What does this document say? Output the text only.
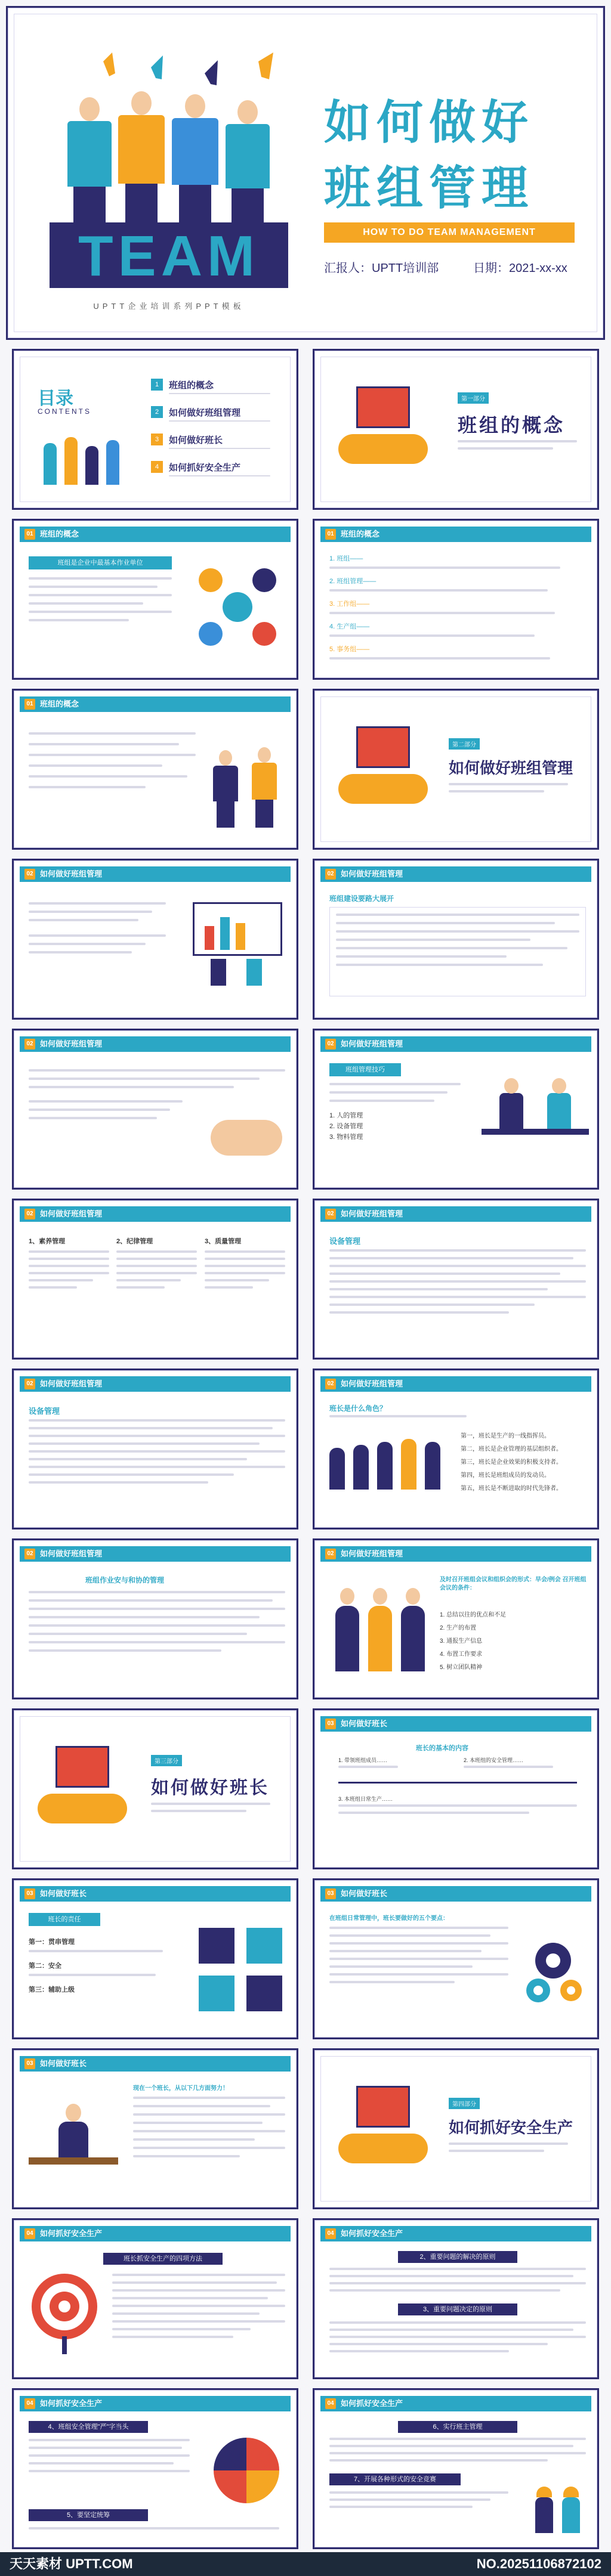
TEAM
UPTT企业培训系列PPT模板
如何做好
班组管理
HOW TO DO TEAM MANAGEMENT
汇报人：UPTT培训部	日期：2021-xx-xx
目录
CONTENTS
1	班组的概念
2	如何做好班组管理
3	如何做好班长
4	如何抓好安全生产
第一部分
班组的概念
01 班组的概念
班组是企业中最基本作业单位
01 班组的概念
1. 班组——
2. 班组管理——
3. 工作组——
4. 生产组——
5. 事务组——
01 班组的概念
第二部分
如何做好班组管理
02 如何做好班组管理	02 如何做好班组管理
班组建设要路大展开
02 如何做好班组管理	02 如何做好班组管理
班组管理技巧
1. 人的管理
2. 设备管理
3. 物料管理
02 如何做好班组管理
1、素养管理	2、纪律管理	3、质量管理
02 如何做好班组管理
设备管理
02 如何做好班组管理
设备管理
02 如何做好班组管理
班长是什么角色？
第一，班长是生产的一线指挥员。
第二，班长是企业管理的基层组织者。
第三，班长是企业效果的积极支持者。
第四，班长是班组成员的发动员。
第五，班长是不断进取的时代先锋者。
02 如何做好班组管理
班组作业安与和协的管理
02 如何做好班组管理
及时召开班组会议和组织会的形式：早会/例会 召开班组会议的条件：
1. 总结以往的优点和不足
2. 生产的布置
3. 通报生产信息
4. 布置工作要求
5. 树立团队精神
第三部分
如何做好班长
03 如何做好班长
班长的基本的内容
1. 带领班组成员……	2. 本班组的安全管理……
3. 本班组日常生产……
03 如何做好班长
班长的责任
第一：贯串管理
第二：安全
第三：辅助上级
03 如何做好班长
在班组日常管理中，班长要做好的五个要点：
03 如何做好班长
现在一个班长，从以下几方面努力！
第四部分
如何抓好安全生产
04 如何抓好安全生产
班长抓安全生产的四项方法
04 如何抓好安全生产
2、重要问题的解决的原则
3、重要问题决定的原则
04 如何抓好安全生产
4、班组安全管理"严"字当头
5、要坚定统筹
04 如何抓好安全生产
6、实行班主管理
7、开展各种形式的安全竞赛
天天素材 UPTT.COM	NO.20251106872102
